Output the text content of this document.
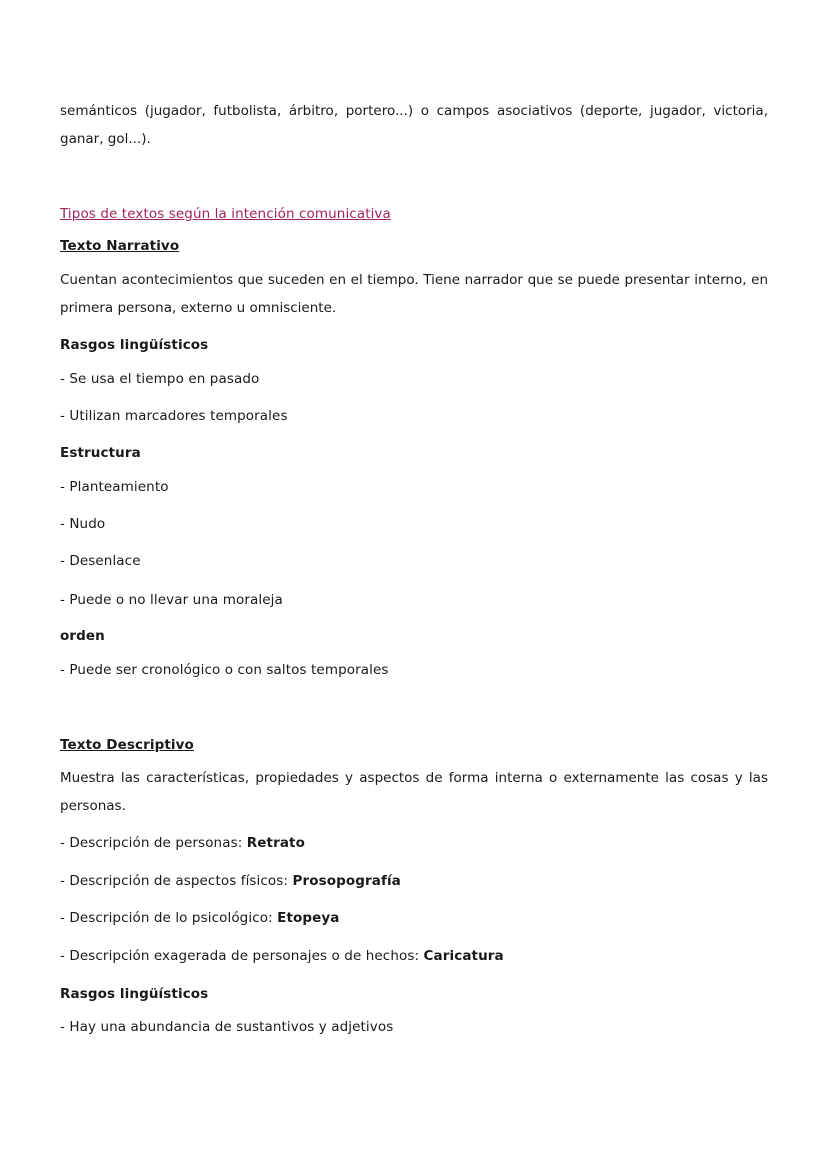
semánticos (jugador, futbolista, árbitro, portero...) o campos asociativos (deporte, jugador, victoria, ganar, gol...).
Tipos de textos según la intención comunicativa
Texto Narrativo
Cuentan acontecimientos que suceden en el tiempo. Tiene narrador que se puede presentar interno, en primera persona, externo u omnisciente.
Rasgos lingüísticos
- Se usa el tiempo en pasado
- Utilizan marcadores temporales
Estructura
- Planteamiento
- Nudo
- Desenlace
- Puede o no llevar una moraleja
orden
- Puede ser cronológico o con saltos temporales
Texto Descriptivo
Muestra las características, propiedades y aspectos de forma interna o externamente las cosas y las personas.
- Descripción de personas: Retrato
- Descripción de aspectos físicos: Prosopografía
- Descripción de lo psicológico: Etopeya
- Descripción exagerada de personajes o de hechos: Caricatura
Rasgos lingüísticos
- Hay una abundancia de sustantivos y adjetivos
